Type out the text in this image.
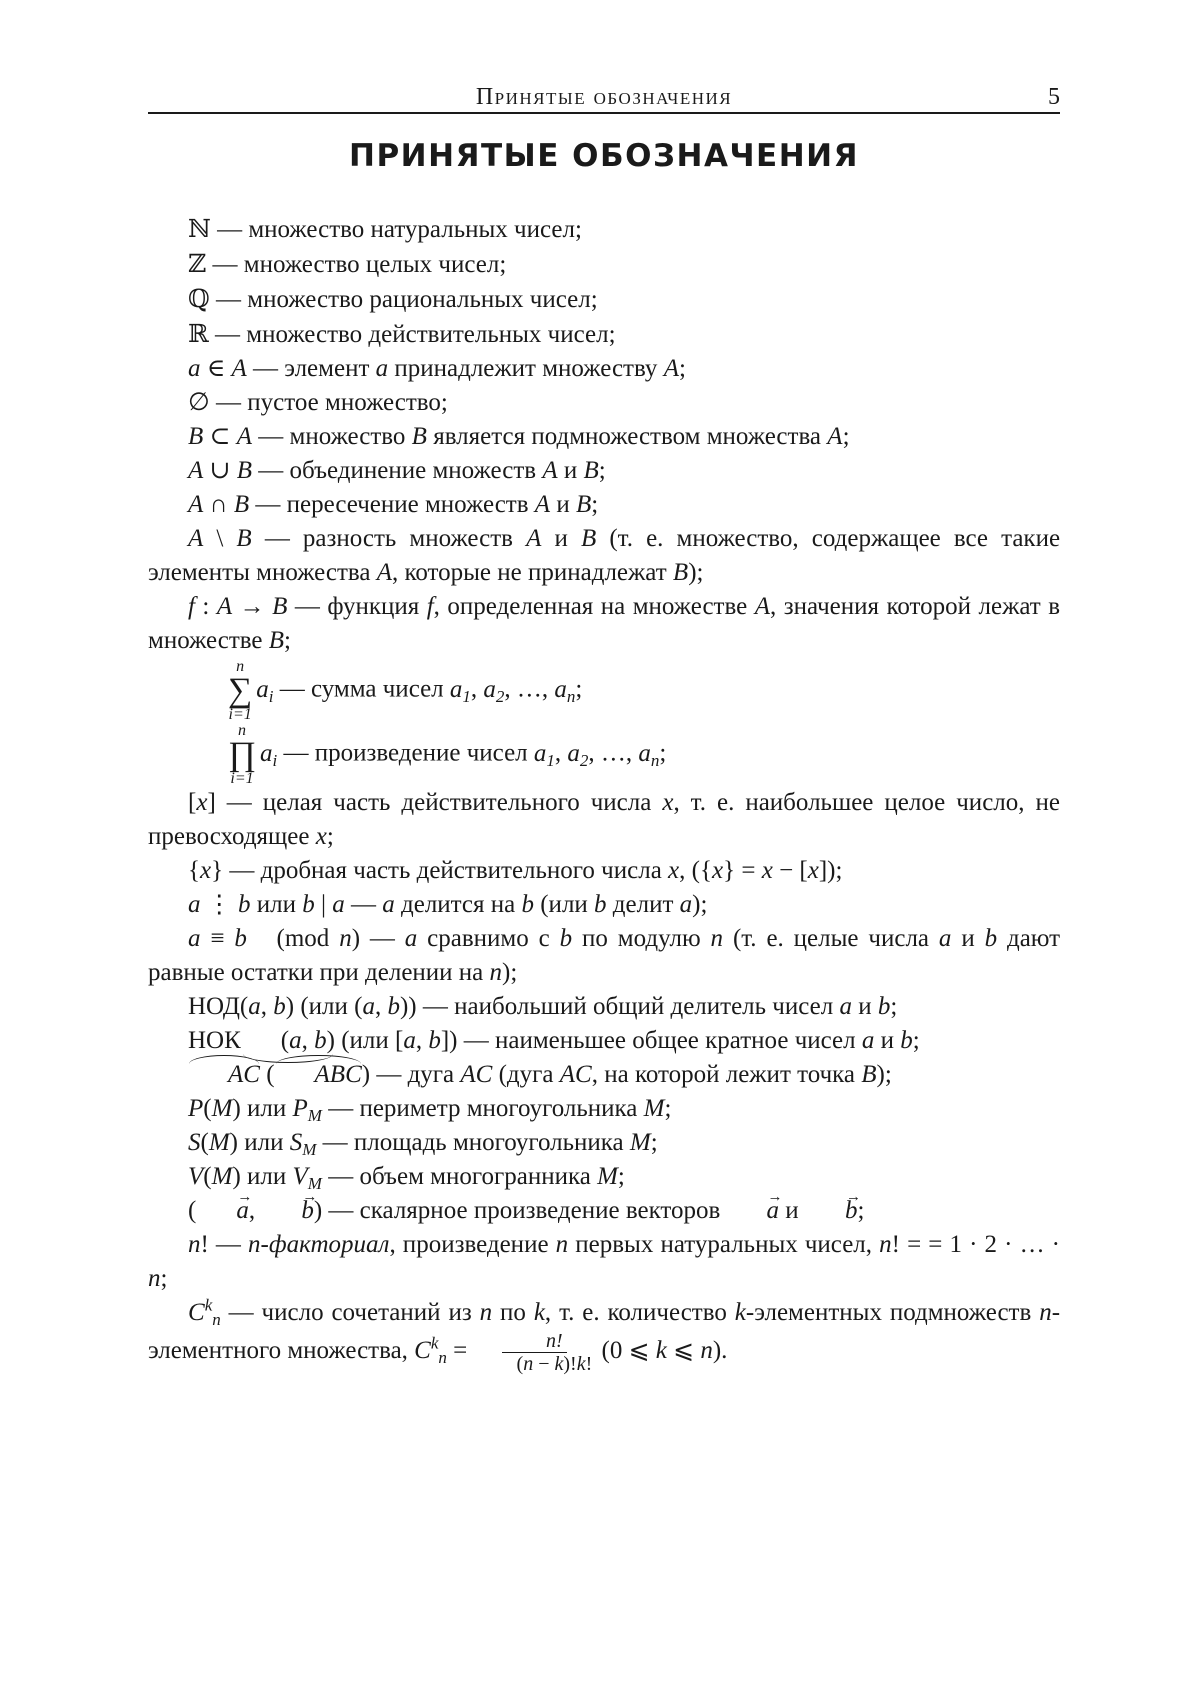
Принятые обозначения	5
ПРИНЯТЫЕ ОБОЗНАЧЕНИЯ

ℕ — множество натуральных чисел;

ℤ — множество целых чисел;

ℚ — множество рациональных чисел;

ℝ — множество действительных чисел;

a ∈ A — элемент a принадлежит множеству A;

∅ — пустое множество;

B ⊂ A — множество B является подмножеством множества A;

A ∪ B — объединение множеств A и B;

A ∩ B — пересечение множеств A и B;

A \ B — разность множеств A и B (т. е. множество, содержащее все такие элементы множества A, которые не принадлежат B);

f : A → B — функция f, определенная на множестве A, значения которой лежат в множестве B;

n
∑
i=1
$a_i$ — сумма чисел $a_1$, $a_2$, …, $a_n$;

n
∏
i=1
$a_i$ — произведение чисел $a_1$, $a_2$, …, $a_n$;

[x] — целая часть действительного числа x, т. е. наибольшее целое число, не превосходящее x;

{x} — дробная часть действительного числа x, ({x} = x − [x]);

a ⋮ b или b | a — a делится на b (или b делит a);

a ≡ b   (mod n) — a сравнимо с b по модулю n (т. е. целые числа a и b дают равные остатки при делении на n);

НОД(a, b) (или (a, b)) — наибольший общий делитель чисел a и b;

НОК (a, b) (или [a, b]) — наименьшее общее кратное чисел a и b;

AC ( ABC) — дуга AC (дуга AC, на которой лежит точка B);

P(M) или $P_M$ — периметр многоугольника M;

S(M) или $S_M$ — площадь многоугольника M;

V(M) или $V_M$ — объем многогранника M;

( → a, → b) — скалярное произведение векторов → a и → b;

n! — n-факториал, произведение n первых натуральных чисел, n! = = 1 · 2 · … · n;

$C^k_n$ — число сочетаний из n по k, т. е. количество k-элементных подмножеств n-элементного множества, $C^k_n = \frac{n!}{(n - k)!k!} (0$ ⩽ k ⩽ n).
